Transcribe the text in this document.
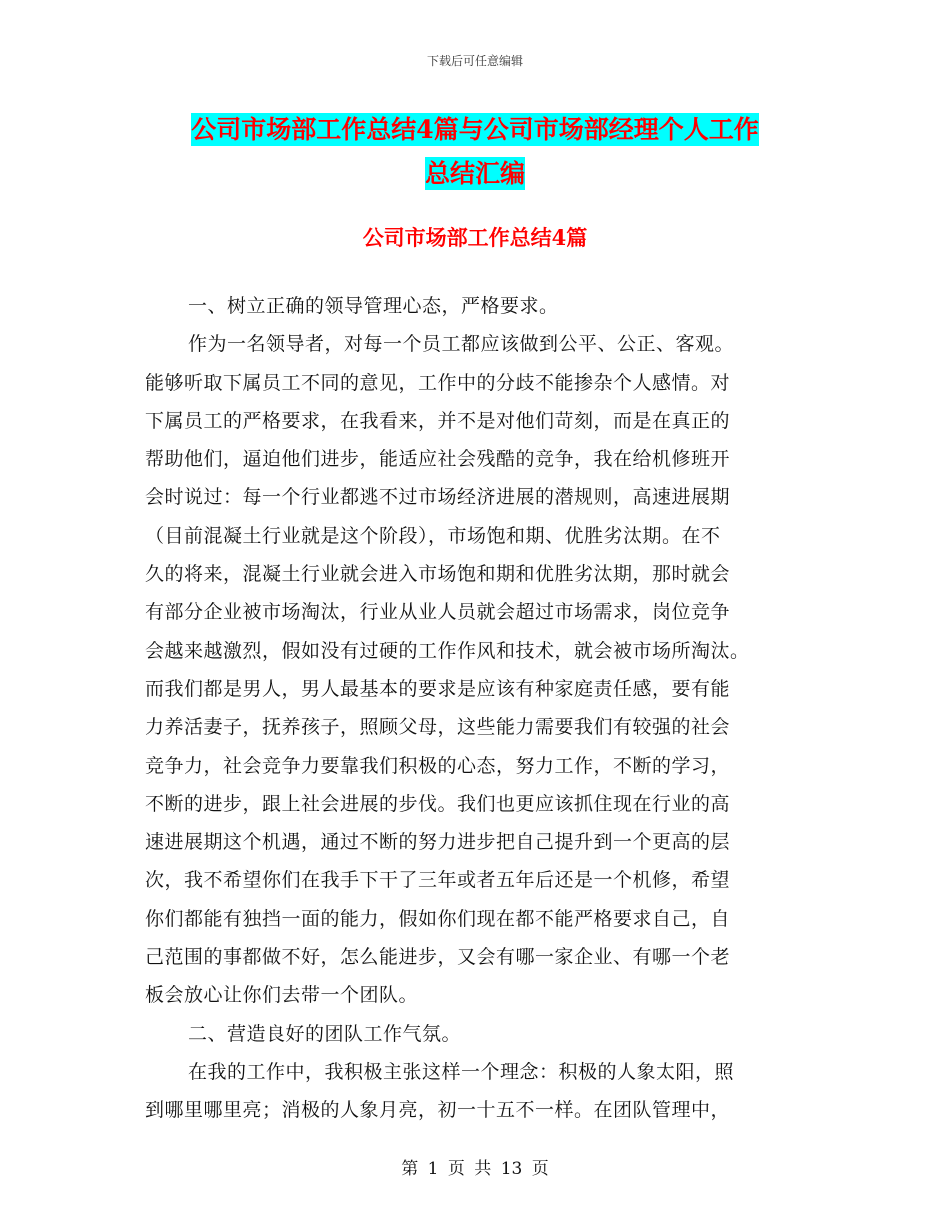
下载后可任意编辑
公司市场部工作总结4篇与公司市场部经理个人工作
总结汇编
公司市场部工作总结4篇
一、树立正确的领导管理心态，严格要求。
作为一名领导者，对每一个员工都应该做到公平、公正、客观。
能够听取下属员工不同的意见，工作中的分歧不能掺杂个人感情。对
下属员工的严格要求，在我看来，并不是对他们苛刻，而是在真正的
帮助他们，逼迫他们进步，能适应社会残酷的竞争，我在给机修班开
会时说过：每一个行业都逃不过市场经济进展的潜规则，高速进展期
（目前混凝土行业就是这个阶段），市场饱和期、优胜劣汰期。在不
久的将来，混凝土行业就会进入市场饱和期和优胜劣汰期，那时就会
有部分企业被市场淘汰，行业从业人员就会超过市场需求，岗位竞争
会越来越激烈，假如没有过硬的工作作风和技术，就会被市场所淘汰。
而我们都是男人，男人最基本的要求是应该有种家庭责任感，要有能
力养活妻子，抚养孩子，照顾父母，这些能力需要我们有较强的社会
竞争力，社会竞争力要靠我们积极的心态，努力工作，不断的学习，
不断的进步，跟上社会进展的步伐。我们也更应该抓住现在行业的高
速进展期这个机遇，通过不断的努力进步把自己提升到一个更高的层
次，我不希望你们在我手下干了三年或者五年后还是一个机修，希望
你们都能有独挡一面的能力，假如你们现在都不能严格要求自己，自
己范围的事都做不好，怎么能进步，又会有哪一家企业、有哪一个老
板会放心让你们去带一个团队。
二、营造良好的团队工作气氛。
在我的工作中，我积极主张这样一个理念：积极的人象太阳，照
到哪里哪里亮；消极的人象月亮，初一十五不一样。在团队管理中，
第 1 页 共 13 页
